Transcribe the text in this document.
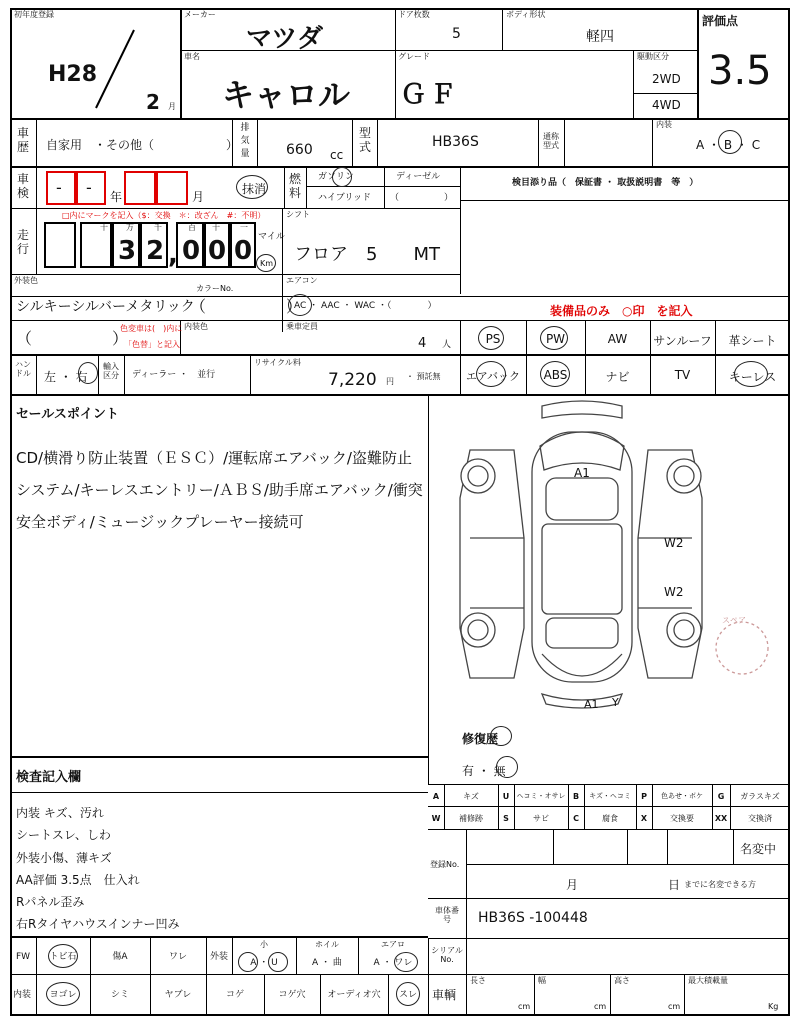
初年度登録
H28
2 月
メーカー
マツダ
ドア枚数
5
ボディ形状
軽四
評価点
3.5
車名
キャロル
グレード
ＧＦ
駆動区分
2WD
4WD
車歴 自家用　・その他（　　　　　　）
排気量	660 cc
型式	HB36S	通称型式
内装
A ・ B ・ C
車検 - - 年	月
抹消
燃料
ガソリン	ディーゼル
ハイブリッド （　　　　　）
検目添り品（　保証書 ・ 取扱説明書　等　）
走行
□内にマークを記入（$：交換　＊：改ざん　#：不明）
十 万	千	百 十	一
3 2 , 0 0 0 マイル
Km
シフト
フロア　5　　MT
外装色
シルキーシルバーメタリック
カラーNo.
（　　　　　）
エアコン
AC ・ AAC ・ WAC ・（　　　　）	装備品のみ　○印　を記入
（　　　　　）
色変車は(　)内に
「色替」と記入
内装色	乗車定員
4 人	PS	PW	AW	サンルーフ	革シート
エアバック	ABS	ナビ	TV	キーレス
ハンドル 左 ・ 右
輸入区分	ディーラー ・　並行
リサイクル料
7,220 円
・ 預託無
セールスポイント
CD/横滑り防止装置（ＥＳＣ）/運転席エアバック/盗難防止システム/キーレスエントリー/ＡＢＳ/助手席エアバック/衝突安全ボディ/ミュージックプレーヤー接続可
A1
W2
W2
A1 Y
スペア
修復歴
有 ・ 無
A	キズ	U	ヘコミ・オサレ B	キズ・ヘコミ	P	色あせ・ボケ	G	ガラスキズ
W	補修跡	S	サビ	C	腐食	X	交換要	XX	交換済
登録No.
名変中
月	日 までに名変できる方
車体番号	HB36S -100448
シリアルNo.
車輌
長さ
cm
幅
cm
高さ
cm
最大積載量
Kg
検査記入欄
内装 キズ、汚れ
シートスレ、しわ
外装小傷、薄キズ
AA評価 3.5点　仕入れ
Rパネル歪み
右Rタイヤハウスインナー凹み
FW	トビ石	傷A	ワレ	外装
小
A ・ U
ホイル
A ・ 曲
エアロ
A ・ ワレ
内装	ヨゴレ	シミ	ヤブレ	コゲ	コゲ穴	オーディオ穴	スレ
